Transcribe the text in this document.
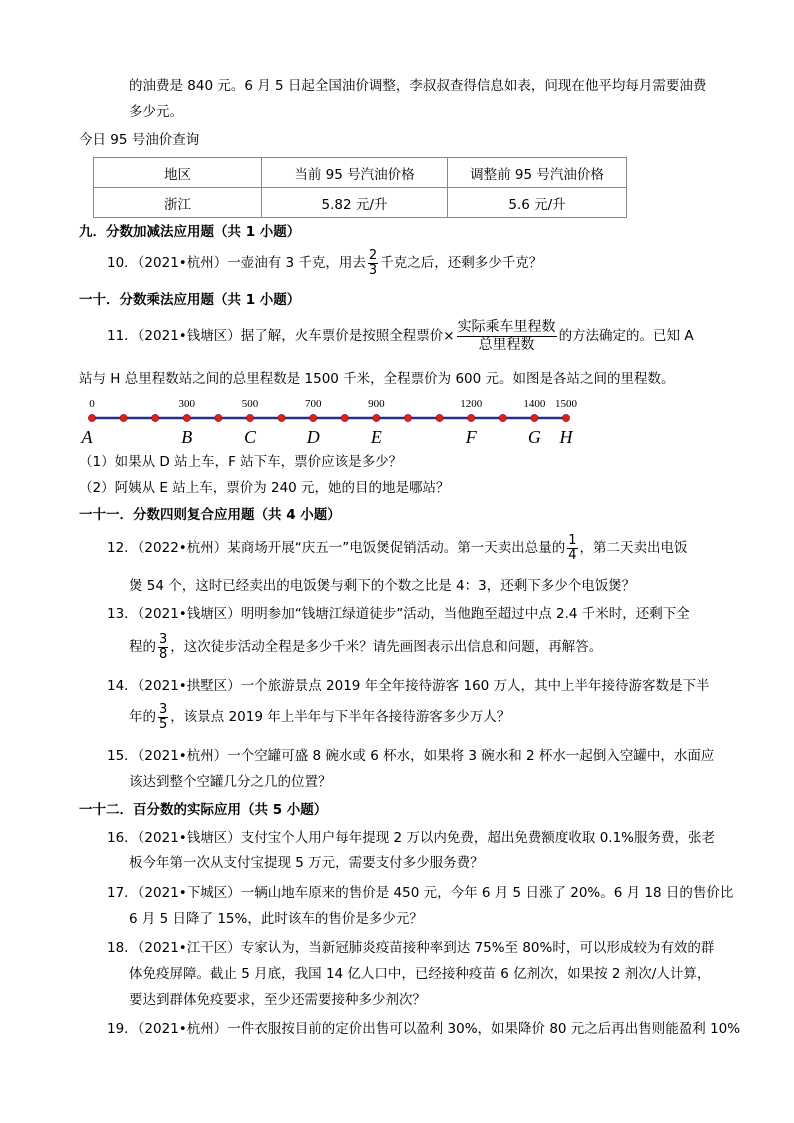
的油费是 840 元。6 月 5 日起全国油价调整，李叔叔查得信息如表，问现在他平均每月需要油费
多少元。
今日 95 号油价查询
地区	当前 95 号汽油价格	调整前 95 号汽油价格
浙江	5.82 元/升	5.6 元/升
九．分数加减法应用题（共 1 小题）
10．（2021•杭州）一壶油有 3 千克，用去 $\frac{2}{3}$ 千克之后，还剩多少千克？
一十．分数乘法应用题（共 1 小题）
11．（2021•钱塘区）据了解，火车票价是按照全程票价× $\frac{\text{实际乘车里程数}}{\text{总里程数}}$ 的方法确定的。已知 A
站与 H 总里程数站之间的总里程数是 1500 千米，全程票价为 600 元。如图是各站之间的里程数。
0	300	500	700	900	1200	1400 1500
A	B	C	D	E	F	G H
（1）如果从 D 站上车，F 站下车，票价应该是多少？
（2）阿姨从 E 站上车，票价为 240 元，她的目的地是哪站？
一十一．分数四则复合应用题（共 4 小题）
12．（2022•杭州）某商场开展“庆五一”电饭煲促销活动。第一天卖出总量的 $\frac{1}{4}$ ，第二天卖出电饭
煲 54 个，这时已经卖出的电饭煲与剩下的个数之比是 4：3，还剩下多少个电饭煲？
13．（2021•钱塘区）明明参加“钱塘江绿道徒步”活动，当他跑至超过中点 2.4 千米时，还剩下全
程的 $\frac{3}{8}$ ，这次徒步活动全程是多少千米？请先画图表示出信息和问题，再解答。
14．（2021•拱墅区）一个旅游景点 2019 年全年接待游客 160 万人，其中上半年接待游客数是下半
年的 $\frac{3}{5}$ ，该景点 2019 年上半年与下半年各接待游客多少万人？
15．（2021•杭州）一个空罐可盛 8 碗水或 6 杯水，如果将 3 碗水和 2 杯水一起倒入空罐中，水面应
该达到整个空罐几分之几的位置？
一十二．百分数的实际应用（共 5 小题）
16．（2021•钱塘区）支付宝个人用户每年提现 2 万以内免费，超出免费额度收取 0.1%服务费，张老
板今年第一次从支付宝提现 5 万元，需要支付多少服务费？
17．（2021•下城区）一辆山地车原来的售价是 450 元，今年 6 月 5 日涨了 20%。6 月 18 日的售价比
6 月 5 日降了 15%，此时该车的售价是多少元？
18．（2021•江干区）专家认为，当新冠肺炎疫苗接种率到达 75%至 80%时，可以形成较为有效的群
体免疫屏障。截止 5 月底，我国 14 亿人口中，已经接种疫苗 6 亿剂次，如果按 2 剂次/人计算，
要达到群体免疫要求，至少还需要接种多少剂次？
19．（2021•杭州）一件衣服按目前的定价出售可以盈利 30%，如果降价 80 元之后再出售则能盈利 10%
